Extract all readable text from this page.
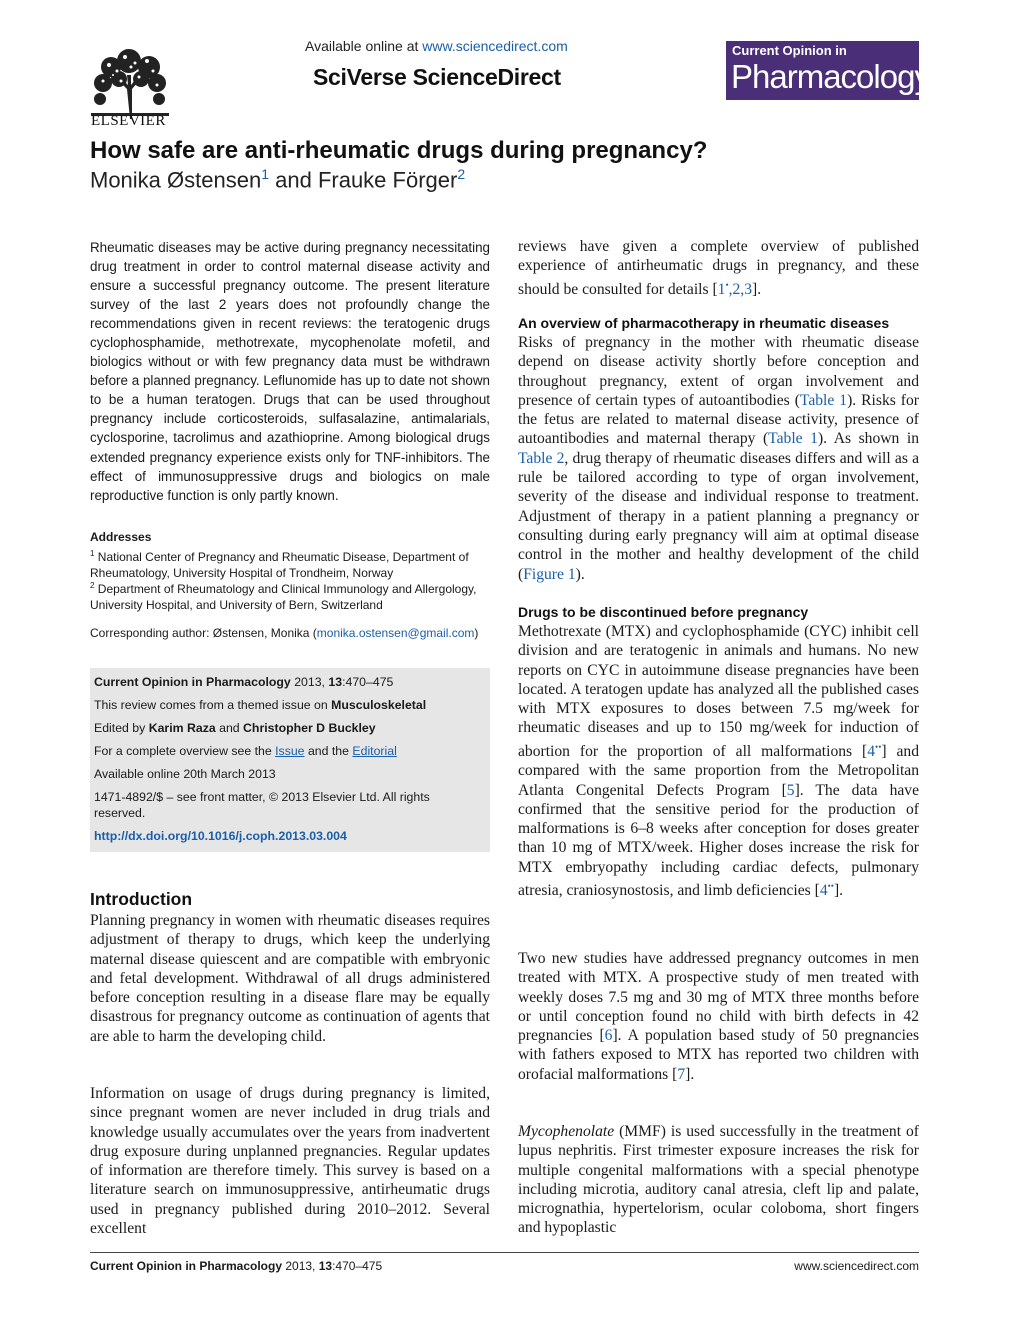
ELSEVIER
Available online at www.sciencedirect.com
SciVerse ScienceDirect
Current Opinion in
Pharmacology
How safe are anti-rheumatic drugs during pregnancy?
Monika Østensen$^1$ and Frauke Förger$^2$
Rheumatic diseases may be active during pregnancy necessitating drug treatment in order to control maternal disease activity and ensure a successful pregnancy outcome. The present literature survey of the last 2 years does not profoundly change the recommendations given in recent reviews: the teratogenic drugs cyclophosphamide, methotrexate, mycophenolate mofetil, and biologics without or with few pregnancy data must be withdrawn before a planned pregnancy. Leflunomide has up to date not shown to be a human teratogen. Drugs that can be used throughout pregnancy include corticosteroids, sulfasalazine, antimalarials, cyclosporine, tacrolimus and azathioprine. Among biological drugs extended pregnancy experience exists only for TNF-inhibitors. The effect of immunosuppressive drugs and biologics on male reproductive function is only partly known.
Addresses
$^1$ National Center of Pregnancy and Rheumatic Disease, Department of Rheumatology, University Hospital of Trondheim, Norway
$^2$ Department of Rheumatology and Clinical Immunology and Allergology, University Hospital, and University of Bern, Switzerland
Corresponding author: Østensen, Monika (monika.ostensen@gmail.com)
Current Opinion in Pharmacology 2013, 13:470–475
This review comes from a themed issue on Musculoskeletal
Edited by Karim Raza and Christopher D Buckley
For a complete overview see the Issue and the Editorial
Available online 20th March 2013
1471-4892/$ – see front matter, © 2013 Elsevier Ltd. All rights reserved.
http://dx.doi.org/10.1016/j.coph.2013.03.004
Introduction
Planning pregnancy in women with rheumatic diseases requires adjustment of therapy to drugs, which keep the underlying maternal disease quiescent and are compatible with embryonic and fetal development. Withdrawal of all drugs administered before conception resulting in a disease flare may be equally disastrous for pregnancy outcome as continuation of agents that are able to harm the developing child.
Information on usage of drugs during pregnancy is limited, since pregnant women are never included in drug trials and knowledge usually accumulates over the years from inadvertent drug exposure during unplanned pregnancies. Regular updates of information are therefore timely. This survey is based on a literature search on immunosuppressive, antirheumatic drugs used in pregnancy published during 2010–2012. Several excellent
reviews have given a complete overview of published experience of antirheumatic drugs in pregnancy, and these should be consulted for details [1•,2,3].
An overview of pharmacotherapy in rheumatic diseases
Risks of pregnancy in the mother with rheumatic disease depend on disease activity shortly before conception and throughout pregnancy, extent of organ involvement and presence of certain types of autoantibodies (Table 1). Risks for the fetus are related to maternal disease activity, presence of autoantibodies and maternal therapy (Table 1). As shown in Table 2, drug therapy of rheumatic diseases differs and will as a rule be tailored according to type of organ involvement, severity of the disease and individual response to treatment. Adjustment of therapy in a patient planning a pregnancy or consulting during early pregnancy will aim at optimal disease control in the mother and healthy development of the child (Figure 1).
Drugs to be discontinued before pregnancy
Methotrexate (MTX) and cyclophosphamide (CYC) inhibit cell division and are teratogenic in animals and humans. No new reports on CYC in autoimmune disease pregnancies have been located. A teratogen update has analyzed all the published cases with MTX exposures to doses between 7.5 mg/week for rheumatic diseases and up to 150 mg/week for induction of abortion for the proportion of all malformations [4••] and compared with the same proportion from the Metropolitan Atlanta Congenital Defects Program [5]. The data have confirmed that the sensitive period for the production of malformations is 6–8 weeks after conception for doses greater than 10 mg of MTX/week. Higher doses increase the risk for MTX embryopathy including cardiac defects, pulmonary atresia, craniosynostosis, and limb deficiencies [4••].
Two new studies have addressed pregnancy outcomes in men treated with MTX. A prospective study of men treated with weekly doses 7.5 mg and 30 mg of MTX three months before or until conception found no child with birth defects in 42 pregnancies [6]. A population based study of 50 pregnancies with fathers exposed to MTX has reported two children with orofacial malformations [7].
Mycophenolate (MMF) is used successfully in the treatment of lupus nephritis. First trimester exposure increases the risk for multiple congenital malformations with a special phenotype including microtia, auditory canal atresia, cleft lip and palate, micrognathia, hypertelorism, ocular coloboma, short fingers and hypoplastic
Current Opinion in Pharmacology 2013, 13:470–475	www.sciencedirect.com
